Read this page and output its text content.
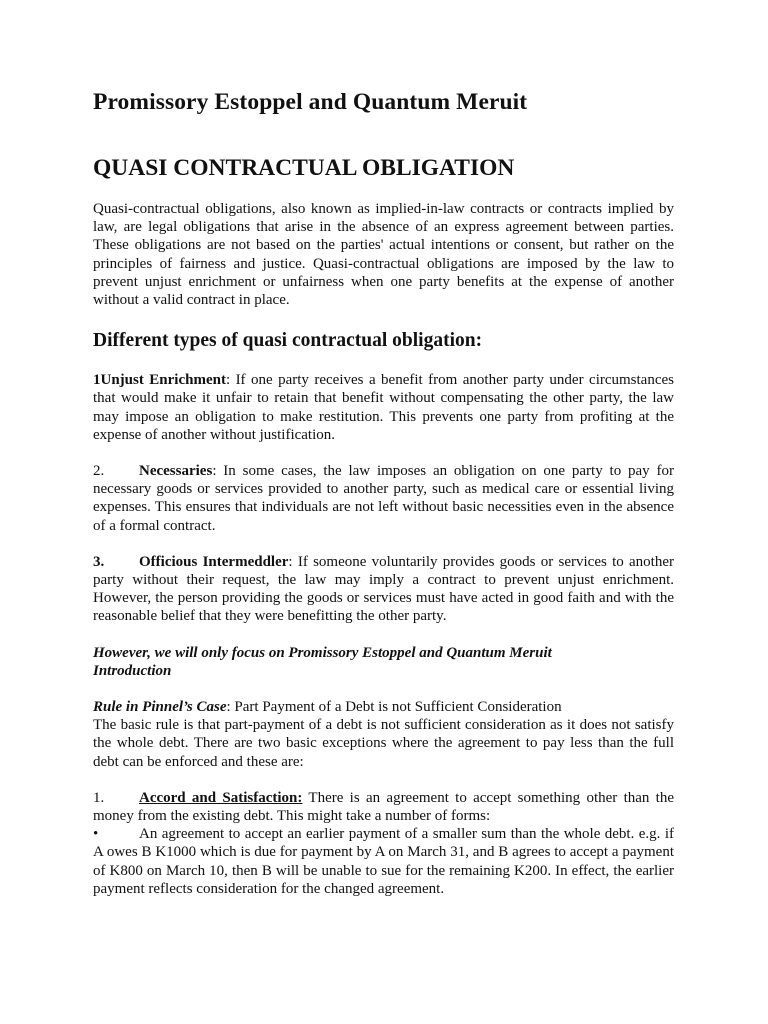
Promissory Estoppel and Quantum Meruit
QUASI CONTRACTUAL OBLIGATION

Quasi-contractual obligations, also known as implied-in-law contracts or contracts implied by law, are legal obligations that arise in the absence of an express agreement between parties. These obligations are not based on the parties' actual intentions or consent, but rather on the principles of fairness and justice. Quasi-contractual obligations are imposed by the law to prevent unjust enrichment or unfairness when one party benefits at the expense of another without a valid contract in place.

Different types of quasi contractual obligation:

1Unjust Enrichment: If one party receives a benefit from another party under circumstances that would make it unfair to retain that benefit without compensating the other party, the law may impose an obligation to make restitution. This prevents one party from profiting at the expense of another without justification.

2. Necessaries: In some cases, the law imposes an obligation on one party to pay for necessary goods or services provided to another party, such as medical care or essential living expenses. This ensures that individuals are not left without basic necessities even in the absence of a formal contract.

3. Officious Intermeddler: If someone voluntarily provides goods or services to another party without their request, the law may imply a contract to prevent unjust enrichment. However, the person providing the goods or services must have acted in good faith and with the reasonable belief that they were benefitting the other party.

However, we will only focus on Promissory Estoppel and Quantum Meruit
Introduction

Rule in Pinnel’s Case: Part Payment of a Debt is not Sufficient Consideration

The basic rule is that part-payment of a debt is not sufficient consideration as it does not satisfy the whole debt. There are two basic exceptions where the agreement to pay less than the full debt can be enforced and these are:

1. Accord and Satisfaction: There is an agreement to accept something other than the money from the existing debt. This might take a number of forms:

•	An agreement to accept an earlier payment of a smaller sum than the whole debt. e.g. if A owes B K1000 which is due for payment by A on March 31, and B agrees to accept a payment of K800 on March 10, then B will be unable to sue for the remaining K200. In effect, the earlier payment reflects consideration for the changed agreement.
